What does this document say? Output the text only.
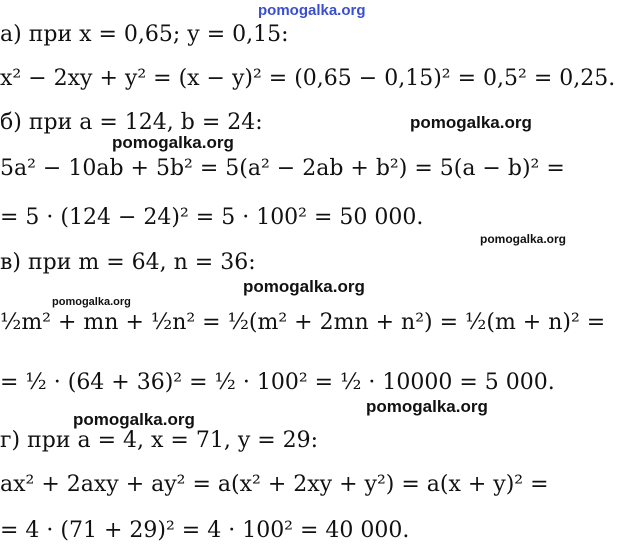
pomogalka.org
pomogalka.org
pomogalka.org
pomogalka.org
pomogalka.org
pomogalka.org
pomogalka.org
pomogalka.org
а) при x = 0,65; y = 0,15:
x² − 2xy + y² = (x − y)² = (0,65 − 0,15)² = 0,5² = 0,25.
б) при a = 124, b = 24:
5a² − 10ab + 5b² = 5(a² − 2ab + b²) = 5(a − b)² =
= 5 · (124 − 24)² = 5 · 100² = 50 000.
в) при m = 64, n = 36:
½m² + mn + ½n² = ½(m² + 2mn + n²) = ½(m + n)² =
= ½ · (64 + 36)² = ½ · 100² = ½ · 10000 = 5 000.
г) при a = 4, x = 71, y = 29:
ax² + 2axy + ay² = a(x² + 2xy + y²) = a(x + y)² =
= 4 · (71 + 29)² = 4 · 100² = 40 000.
